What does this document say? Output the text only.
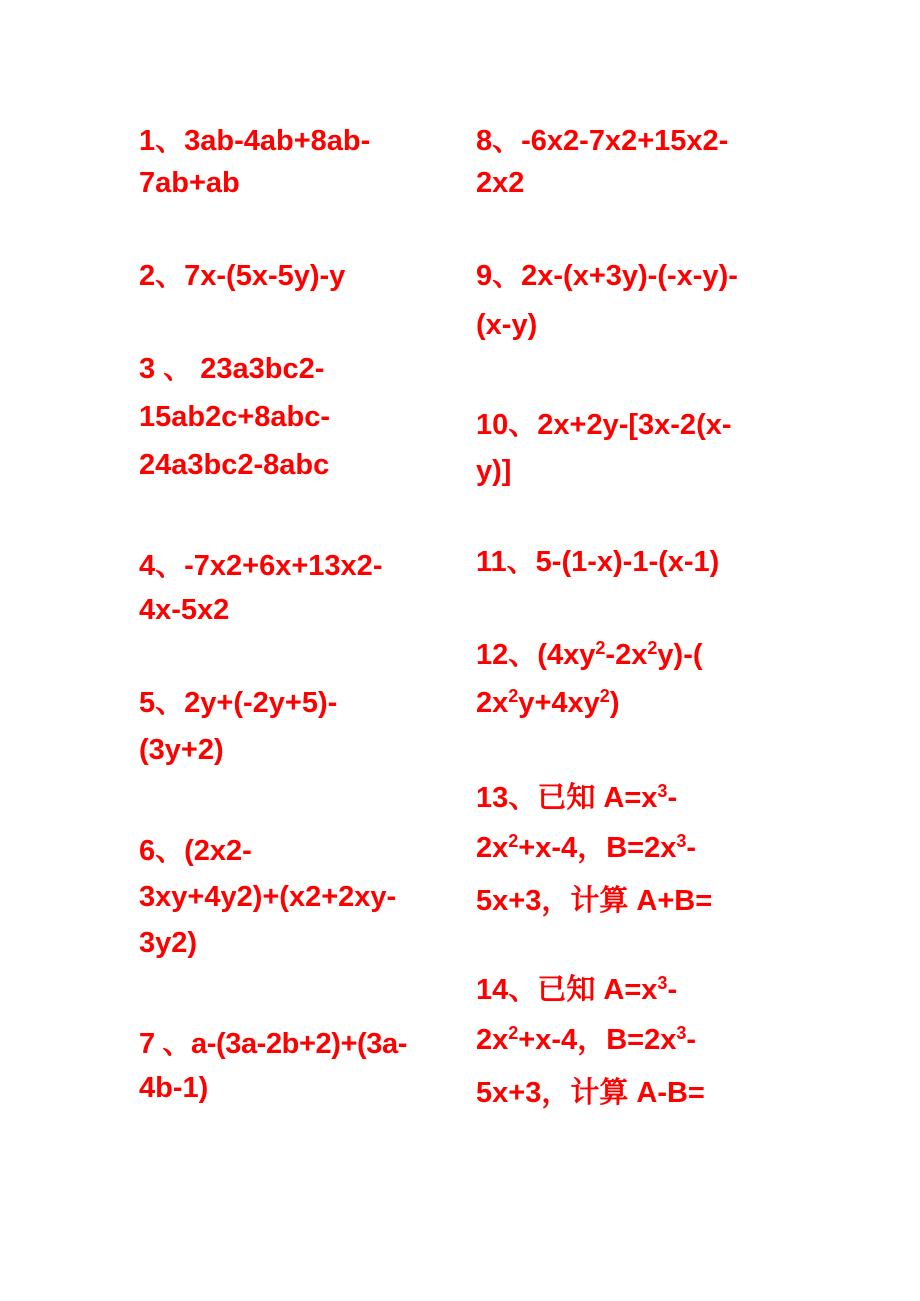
1、3ab-4ab+8ab-
7ab+ab
2、7x-(5x-5y)-y
3 、 23a3bc2-
15ab2c+8abc-
24a3bc2-8abc
4、-7x2+6x+13x2-
4x-5x2
5、2y+(-2y+5)-
(3y+2)
6、(2x2-
3xy+4y2)+(x2+2xy-
3y2)
7 、a-(3a-2b+2)+(3a-
4b-1)
8、-6x2-7x2+15x2-
2x2
9、2x-(x+3y)-(-x-y)-
(x-y)
10、2x+2y-[3x-2(x-
y)]
11、5-(1-x)-1-(x-1)
12、$(4xy^2-2x^2y)-$(
$2x^2y+4xy^2$)
13、已知 $A=x^3-$
$2x^2+x-4$，$B=2x^3-$
5x+3，计算 A+B=
14、已知 $A=x^3-$
$2x^2+x-4$，$B=2x^3-$
5x+3，计算 A-B=
